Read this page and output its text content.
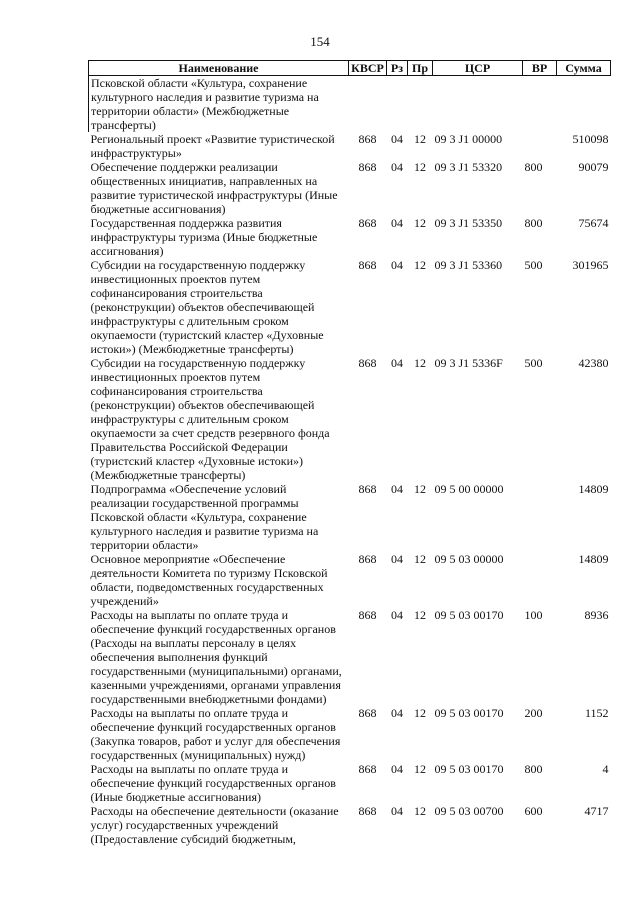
154
Наименование	КВСР	Рз	Пр	ЦСР	ВР	Сумма
Псковской области «Культура, сохранение культурного наследия и развитие туризма на территории области» (Межбюджетные трансферты)						
Региональный проект «Развитие туристической инфраструктуры»	868	04	12	09 3 J1 00000		510098
Обеспечение поддержки реализации общественных инициатив, направленных на развитие туристической инфраструктуры (Иные бюджетные ассигнования)	868	04	12	09 3 J1 53320	800	90079
Государственная поддержка развития инфраструктуры туризма (Иные бюджетные ассигнования)	868	04	12	09 3 J1 53350	800	75674
Субсидии на государственную поддержку инвестиционных проектов путем софинансирования строительства (реконструкции) объектов обеспечивающей инфраструктуры с длительным сроком окупаемости (туристский кластер «Духовные истоки») (Межбюджетные трансферты)	868	04	12	09 3 J1 53360	500	301965
Субсидии на государственную поддержку инвестиционных проектов путем софинансирования строительства (реконструкции) объектов обеспечивающей инфраструктуры с длительным сроком окупаемости за счет средств резервного фонда Правительства Российской Федерации (туристский кластер «Духовные истоки») (Межбюджетные трансферты)	868	04	12	09 3 J1 5336F	500	42380
Подпрограмма «Обеспечение условий реализации государственной программы Псковской области «Культура, сохранение культурного наследия и развитие туризма на территории области»	868	04	12	09 5 00 00000		14809
Основное мероприятие «Обеспечение деятельности Комитета по туризму Псковской области, подведомственных государственных учреждений»	868	04	12	09 5 03 00000		14809
Расходы на выплаты по оплате труда и обеспечение функций государственных органов (Расходы на выплаты персоналу в целях обеспечения выполнения функций государственными (муниципальными) органами, казенными учреждениями, органами управления государственными внебюджетными фондами)	868	04	12	09 5 03 00170	100	8936
Расходы на выплаты по оплате труда и обеспечение функций государственных органов (Закупка товаров, работ и услуг для обеспечения государственных (муниципальных) нужд)	868	04	12	09 5 03 00170	200	1152
Расходы на выплаты по оплате труда и обеспечение функций государственных органов (Иные бюджетные ассигнования)	868	04	12	09 5 03 00170	800	4
Расходы на обеспечение деятельности (оказание услуг) государственных учреждений (Предоставление субсидий бюджетным,	868	04	12	09 5 03 00700	600	4717
